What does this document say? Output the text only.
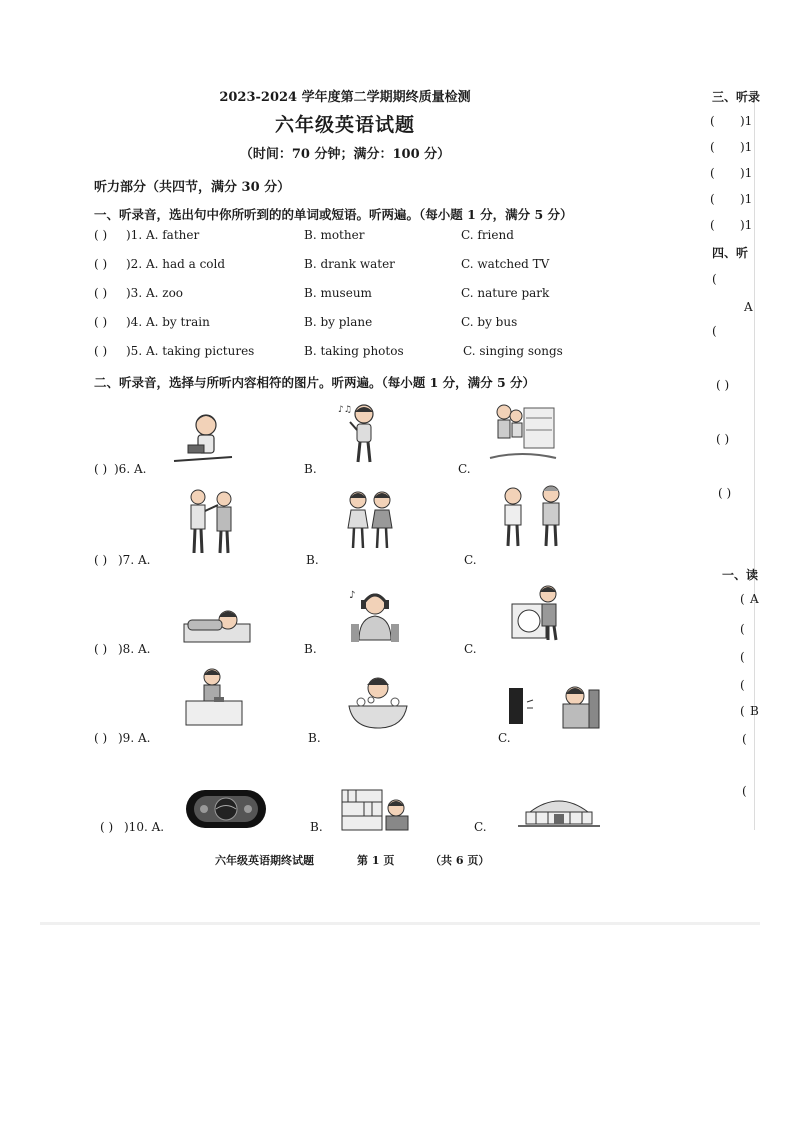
2023-2024 学年度第二学期期终质量检测
六年级英语试题
（时间：70 分钟；满分：100 分）
听力部分（共四节，满分 30 分）
一、听录音，选出句中你所听到的的单词或短语。听两遍。（每小题 1 分，满分 5 分）
( ) )1. A. father	B. mother	C. friend
( ) )2. A. had a cold	B. drank water	C. watched TV
( ) )3. A. zoo	B. museum	C. nature park
( ) )4. A. by train	B. by plane	C. by bus
( ) )5. A. taking pictures	B. taking photos	C. singing songs
二、听录音，选择与所听内容相符的图片。听两遍。（每小题 1 分，满分 5 分）
( ) )6. A.	B.	C.
♪♫
( ) )7. A.	B.	C.
( ) )8. A.	B.	C.
♪
( ) )9. A.	B.	C.
( ) )10. A.	B.	C.
六年级英语期终试题	第 1 页	（共 6 页）
三、听录
( )1
( )1
( )1
( )1
( )1
四、听
(
A
(
( )
( )
( )
一、读
( A
(
(
(
( B
(
(
